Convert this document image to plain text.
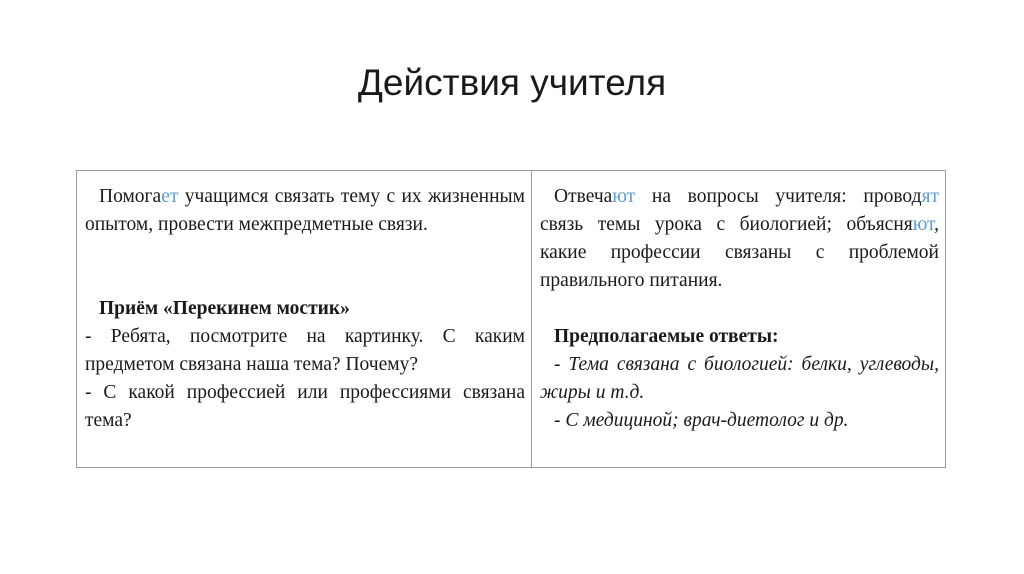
Действия учителя

Помогает учащимся связать тему с их жизненным опытом, провести межпредметные связи.

Приём «Перекинем мостик»

- Ребята, посмотрите на картинку. С каким предметом связана наша тема? Почему?

- С какой профессией или профессиями связана тема?

Отвечают на вопросы учителя: проводят связь темы урока с биологией; объясняют, какие профессии связаны с проблемой правильного питания.

Предполагаемые ответы:

- Тема связана с биологией: белки, углеводы, жиры и т.д.

- С медициной; врач-диетолог и др.
